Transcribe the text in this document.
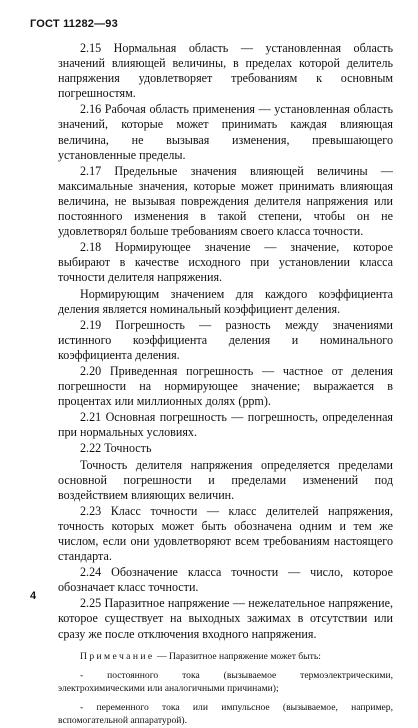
ГОСТ 11282—93

2.15 Нормальная область — установленная область значений влияющей величины, в пределах которой делитель напряжения удовлетворяет требованиям к основным погрешностям.

2.16 Рабочая область применения — установленная область значений, которые может принимать каждая влияющая величина, не вызывая изменения, превышающего установленные пределы.

2.17 Предельные значения влияющей величины — максимальные значения, которые может принимать влияющая величина, не вызывая повреждения делителя напряжения или постоянного изменения в такой степени, чтобы он не удовлетворял больше требованиям своего класса точности.

2.18 Нормирующее значение — значение, которое выбирают в качестве исходного при установлении класса точности делителя напряжения.

Нормирующим значением для каждого коэффициента деления является номинальный коэффициент деления.

2.19 Погрешность — разность между значениями истинного коэффициента деления и номинального коэффициента деления.

2.20 Приведенная погрешность — частное от деления погрешности на нормирующее значение; выражается в процентах или миллионных долях (ppm).

2.21 Основная погрешность — погрешность, определенная при нормальных условиях.

2.22 Точность

Точность делителя напряжения определяется пределами основной погрешности и пределами изменений под воздействием влияющих величин.

2.23 Класс точности — класс делителей напряжения, точность которых может быть обозначена одним и тем же числом, если они удовлетворяют всем требованиям настоящего стандарта.

2.24 Обозначение класса точности — число, которое обозначает класс точности.

2.25 Паразитное напряжение — нежелательное напряжение, которое существует на выходных зажимах в отсутствии или сразу же после отключения входного напряжения.

Примечание — Паразитное напряжение может быть:

- постоянного тока (вызываемое термоэлектрическими, электрохимическими или аналогичными причинами);

- переменного тока или импульсное (вызываемое, например, вспомогательной аппаратурой).

4
